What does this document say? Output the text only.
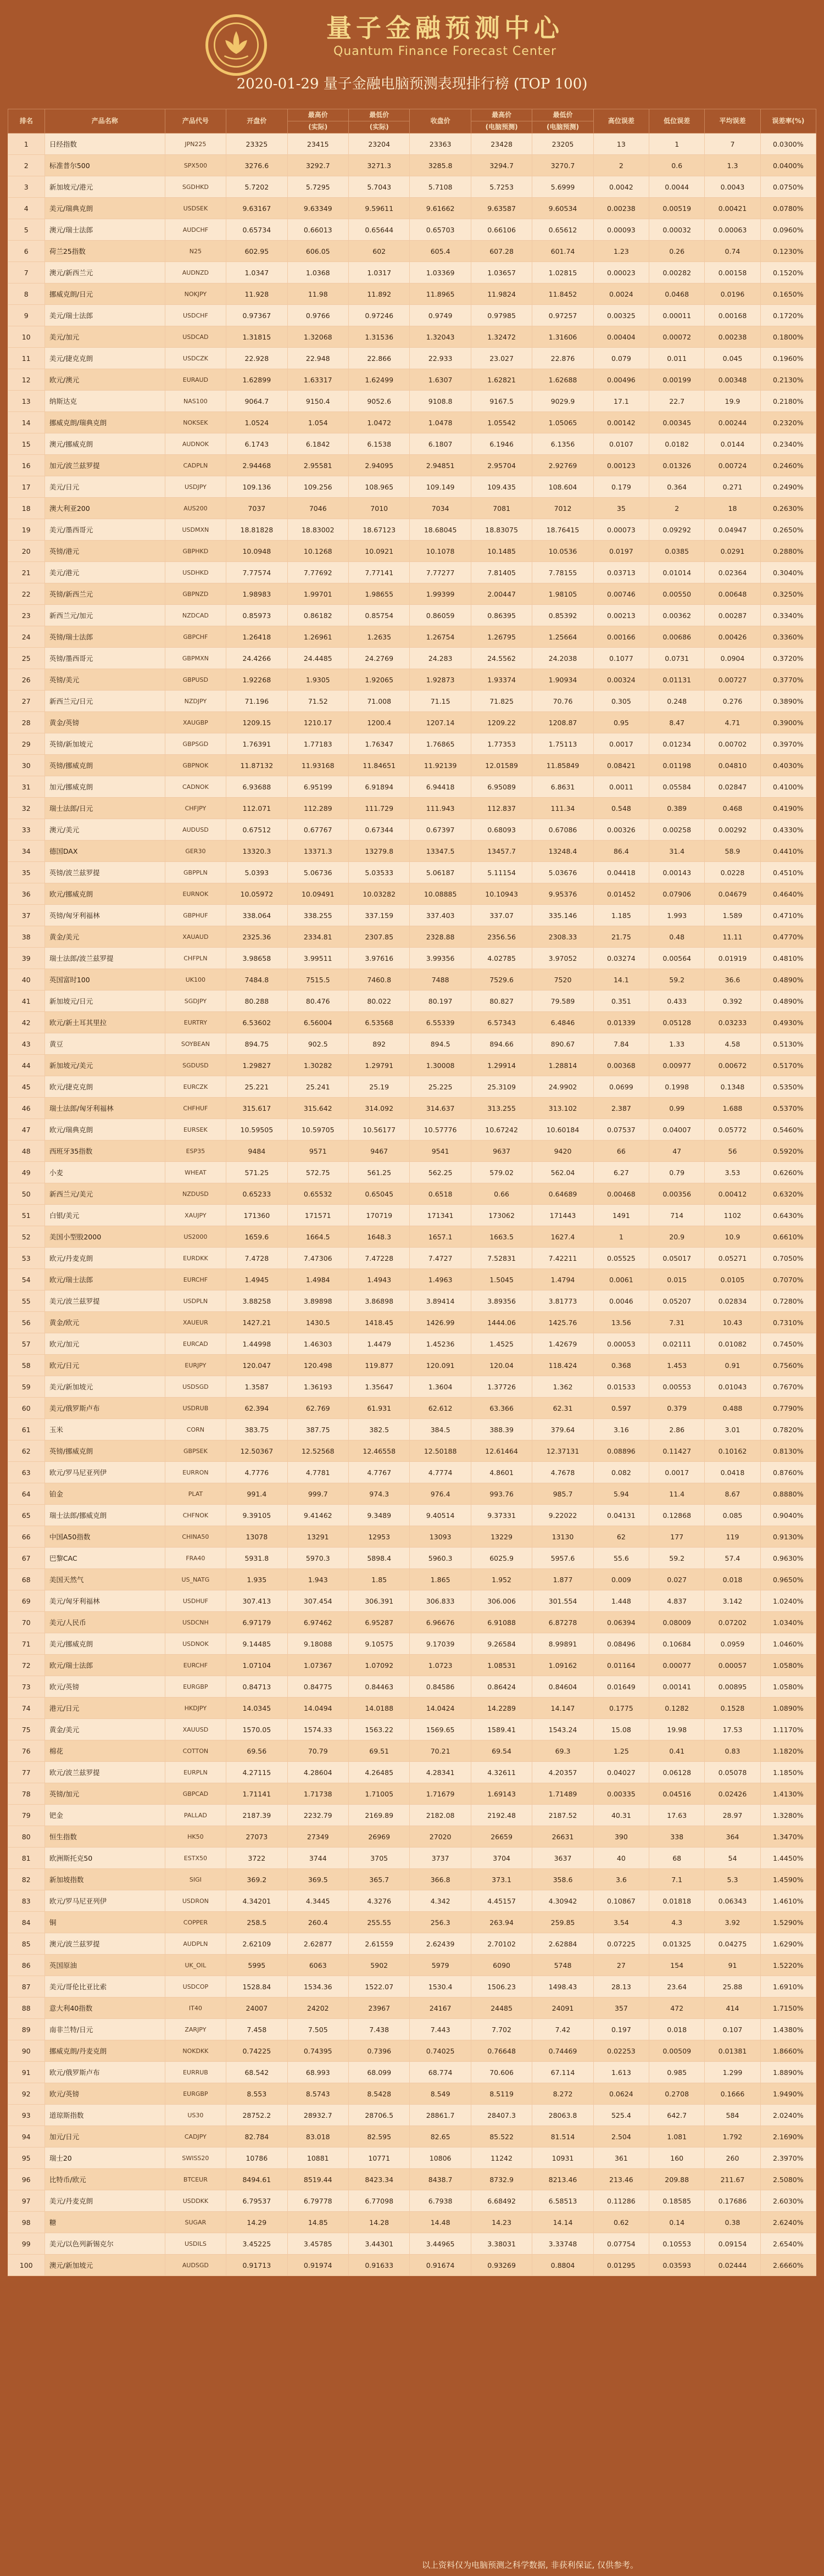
量子金融预测中心
Quantum Finance Forecast Center
2020-01-29 量子金融电脑预测表现排行榜 (TOP 100)
排名	产品名称	产品代号	开盘价	最高价	最低价	收盘价	最高价	最低价	高位误差	低位误差	平均误差	误差率(%)
				(实际)	(实际)		(电脑预测)	(电脑预测)				
1	日经指数	JPN225	23325	23415	23204	23363	23428	23205	13	1	7	0.0300%
2	标准普尔500	SPX500	3276.6	3292.7	3271.3	3285.8	3294.7	3270.7	2	0.6	1.3	0.0400%
3	新加坡元/港元	SGDHKD	5.7202	5.7295	5.7043	5.7108	5.7253	5.6999	0.0042	0.0044	0.0043	0.0750%
4	美元/瑞典克朗	USDSEK	9.63167	9.63349	9.59611	9.61662	9.63587	9.60534	0.00238	0.00519	0.00421	0.0780%
5	澳元/瑞士法郎	AUDCHF	0.65734	0.66013	0.65644	0.65703	0.66106	0.65612	0.00093	0.00032	0.00063	0.0960%
6	荷兰25指数	N25	602.95	606.05	602	605.4	607.28	601.74	1.23	0.26	0.74	0.1230%
7	澳元/新西兰元	AUDNZD	1.0347	1.0368	1.0317	1.03369	1.03657	1.02815	0.00023	0.00282	0.00158	0.1520%
8	挪威克朗/日元	NOKJPY	11.928	11.98	11.892	11.8965	11.9824	11.8452	0.0024	0.0468	0.0196	0.1650%
9	美元/瑞士法郎	USDCHF	0.97367	0.9766	0.97246	0.9749	0.97985	0.97257	0.00325	0.00011	0.00168	0.1720%
10	美元/加元	USDCAD	1.31815	1.32068	1.31536	1.32043	1.32472	1.31606	0.00404	0.00072	0.00238	0.1800%
11	美元/捷克克朗	USDCZK	22.928	22.948	22.866	22.933	23.027	22.876	0.079	0.011	0.045	0.1960%
12	欧元/澳元	EURAUD	1.62899	1.63317	1.62499	1.6307	1.62821	1.62688	0.00496	0.00199	0.00348	0.2130%
13	纳斯达克	NAS100	9064.7	9150.4	9052.6	9108.8	9167.5	9029.9	17.1	22.7	19.9	0.2180%
14	挪威克朗/瑞典克朗	NOKSEK	1.0524	1.054	1.0472	1.0478	1.05542	1.05065	0.00142	0.00345	0.00244	0.2320%
15	澳元/挪威克朗	AUDNOK	6.1743	6.1842	6.1538	6.1807	6.1946	6.1356	0.0107	0.0182	0.0144	0.2340%
16	加元/波兰兹罗提	CADPLN	2.94468	2.95581	2.94095	2.94851	2.95704	2.92769	0.00123	0.01326	0.00724	0.2460%
17	美元/日元	USDJPY	109.136	109.256	108.965	109.149	109.435	108.604	0.179	0.364	0.271	0.2490%
18	澳大利亚200	AUS200	7037	7046	7010	7034	7081	7012	35	2	18	0.2630%
19	美元/墨西哥元	USDMXN	18.81828	18.83002	18.67123	18.68045	18.83075	18.76415	0.00073	0.09292	0.04947	0.2650%
20	英镑/港元	GBPHKD	10.0948	10.1268	10.0921	10.1078	10.1485	10.0536	0.0197	0.0385	0.0291	0.2880%
21	美元/港元	USDHKD	7.77574	7.77692	7.77141	7.77277	7.81405	7.78155	0.03713	0.01014	0.02364	0.3040%
22	英镑/新西兰元	GBPNZD	1.98983	1.99701	1.98655	1.99399	2.00447	1.98105	0.00746	0.00550	0.00648	0.3250%
23	新西兰元/加元	NZDCAD	0.85973	0.86182	0.85754	0.86059	0.86395	0.85392	0.00213	0.00362	0.00287	0.3340%
24	英镑/瑞士法郎	GBPCHF	1.26418	1.26961	1.2635	1.26754	1.26795	1.25664	0.00166	0.00686	0.00426	0.3360%
25	英镑/墨西哥元	GBPMXN	24.4266	24.4485	24.2769	24.283	24.5562	24.2038	0.1077	0.0731	0.0904	0.3720%
26	英镑/美元	GBPUSD	1.92268	1.9305	1.92065	1.92873	1.93374	1.90934	0.00324	0.01131	0.00727	0.3770%
27	新西兰元/日元	NZDJPY	71.196	71.52	71.008	71.15	71.825	70.76	0.305	0.248	0.276	0.3890%
28	黄金/英镑	XAUGBP	1209.15	1210.17	1200.4	1207.14	1209.22	1208.87	0.95	8.47	4.71	0.3900%
29	英镑/新加坡元	GBPSGD	1.76391	1.77183	1.76347	1.76865	1.77353	1.75113	0.0017	0.01234	0.00702	0.3970%
30	英镑/挪威克朗	GBPNOK	11.87132	11.93168	11.84651	11.92139	12.01589	11.85849	0.08421	0.01198	0.04810	0.4030%
31	加元/挪威克朗	CADNOK	6.93688	6.95199	6.91894	6.94418	6.95089	6.8631	0.0011	0.05584	0.02847	0.4100%
32	瑞士法郎/日元	CHFJPY	112.071	112.289	111.729	111.943	112.837	111.34	0.548	0.389	0.468	0.4190%
33	澳元/美元	AUDUSD	0.67512	0.67767	0.67344	0.67397	0.68093	0.67086	0.00326	0.00258	0.00292	0.4330%
34	德国DAX	GER30	13320.3	13371.3	13279.8	13347.5	13457.7	13248.4	86.4	31.4	58.9	0.4410%
35	英镑/波兰兹罗提	GBPPLN	5.0393	5.06736	5.03533	5.06187	5.11154	5.03676	0.04418	0.00143	0.0228	0.4510%
36	欧元/挪威克朗	EURNOK	10.05972	10.09491	10.03282	10.08885	10.10943	9.95376	0.01452	0.07906	0.04679	0.4640%
37	英镑/匈牙利福林	GBPHUF	338.064	338.255	337.159	337.403	337.07	335.146	1.185	1.993	1.589	0.4710%
38	黄金/美元	XAUAUD	2325.36	2334.81	2307.85	2328.88	2356.56	2308.33	21.75	0.48	11.11	0.4770%
39	瑞士法郎/波兰兹罗提	CHFPLN	3.98658	3.99511	3.97616	3.99356	4.02785	3.97052	0.03274	0.00564	0.01919	0.4810%
40	英国富时100	UK100	7484.8	7515.5	7460.8	7488	7529.6	7520	14.1	59.2	36.6	0.4890%
41	新加坡元/日元	SGDJPY	80.288	80.476	80.022	80.197	80.827	79.589	0.351	0.433	0.392	0.4890%
42	欧元/新土耳其里拉	EURTRY	6.53602	6.56004	6.53568	6.55339	6.57343	6.4846	0.01339	0.05128	0.03233	0.4930%
43	黄豆	SOYBEAN	894.75	902.5	892	894.5	894.66	890.67	7.84	1.33	4.58	0.5130%
44	新加坡元/美元	SGDUSD	1.29827	1.30282	1.29791	1.30008	1.29914	1.28814	0.00368	0.00977	0.00672	0.5170%
45	欧元/捷克克朗	EURCZK	25.221	25.241	25.19	25.225	25.3109	24.9902	0.0699	0.1998	0.1348	0.5350%
46	瑞士法郎/匈牙利福林	CHFHUF	315.617	315.642	314.092	314.637	313.255	313.102	2.387	0.99	1.688	0.5370%
47	欧元/瑞典克朗	EURSEK	10.59505	10.59705	10.56177	10.57776	10.67242	10.60184	0.07537	0.04007	0.05772	0.5460%
48	西班牙35指数	ESP35	9484	9571	9467	9541	9637	9420	66	47	56	0.5920%
49	小麦	WHEAT	571.25	572.75	561.25	562.25	579.02	562.04	6.27	0.79	3.53	0.6260%
50	新西兰元/美元	NZDUSD	0.65233	0.65532	0.65045	0.6518	0.66	0.64689	0.00468	0.00356	0.00412	0.6320%
51	白银/美元	XAUJPY	171360	171571	170719	171341	173062	171443	1491	714	1102	0.6430%
52	美国小型股2000	US2000	1659.6	1664.5	1648.3	1657.1	1663.5	1627.4	1	20.9	10.9	0.6610%
53	欧元/丹麦克朗	EURDKK	7.4728	7.47306	7.47228	7.4727	7.52831	7.42211	0.05525	0.05017	0.05271	0.7050%
54	欧元/瑞士法郎	EURCHF	1.4945	1.4984	1.4943	1.4963	1.5045	1.4794	0.0061	0.015	0.0105	0.7070%
55	美元/波兰兹罗提	USDPLN	3.88258	3.89898	3.86898	3.89414	3.89356	3.81773	0.0046	0.05207	0.02834	0.7280%
56	黄金/欧元	XAUEUR	1427.21	1430.5	1418.45	1426.99	1444.06	1425.76	13.56	7.31	10.43	0.7310%
57	欧元/加元	EURCAD	1.44998	1.46303	1.4479	1.45236	1.4525	1.42679	0.00053	0.02111	0.01082	0.7450%
58	欧元/日元	EURJPY	120.047	120.498	119.877	120.091	120.04	118.424	0.368	1.453	0.91	0.7560%
59	美元/新加坡元	USDSGD	1.3587	1.36193	1.35647	1.3604	1.37726	1.362	0.01533	0.00553	0.01043	0.7670%
60	美元/俄罗斯卢布	USDRUB	62.394	62.769	61.931	62.612	63.366	62.31	0.597	0.379	0.488	0.7790%
61	玉米	CORN	383.75	387.75	382.5	384.5	388.39	379.64	3.16	2.86	3.01	0.7820%
62	英镑/挪威克朗	GBPSEK	12.50367	12.52568	12.46558	12.50188	12.61464	12.37131	0.08896	0.11427	0.10162	0.8130%
63	欧元/罗马尼亚列伊	EURRON	4.7776	4.7781	4.7767	4.7774	4.8601	4.7678	0.082	0.0017	0.0418	0.8760%
64	铂金	PLAT	991.4	999.7	974.3	976.4	993.76	985.7	5.94	11.4	8.67	0.8880%
65	瑞士法郎/挪威克朗	CHFNOK	9.39105	9.41462	9.3489	9.40514	9.37331	9.22022	0.04131	0.12868	0.085	0.9040%
66	中国A50指数	CHINA50	13078	13291	12953	13093	13229	13130	62	177	119	0.9130%
67	巴黎CAC	FRA40	5931.8	5970.3	5898.4	5960.3	6025.9	5957.6	55.6	59.2	57.4	0.9630%
68	美国天然气	US_NATG	1.935	1.943	1.85	1.865	1.952	1.877	0.009	0.027	0.018	0.9650%
69	美元/匈牙利福林	USDHUF	307.413	307.454	306.391	306.833	306.006	301.554	1.448	4.837	3.142	1.0240%
70	美元/人民币	USDCNH	6.97179	6.97462	6.95287	6.96676	6.91088	6.87278	0.06394	0.08009	0.07202	1.0340%
71	美元/挪威克朗	USDNOK	9.14485	9.18088	9.10575	9.17039	9.26584	8.99891	0.08496	0.10684	0.0959	1.0460%
72	欧元/瑞士法郎	EURCHF	1.07104	1.07367	1.07092	1.0723	1.08531	1.09162	0.01164	0.00077	0.00057	1.0580%
73	欧元/英镑	EURGBP	0.84713	0.84775	0.84463	0.84586	0.86424	0.84604	0.01649	0.00141	0.00895	1.0580%
74	港元/日元	HKDJPY	14.0345	14.0494	14.0188	14.0424	14.2289	14.147	0.1775	0.1282	0.1528	1.0890%
75	黄金/美元	XAUUSD	1570.05	1574.33	1563.22	1569.65	1589.41	1543.24	15.08	19.98	17.53	1.1170%
76	棉花	COTTON	69.56	70.79	69.51	70.21	69.54	69.3	1.25	0.41	0.83	1.1820%
77	欧元/波兰兹罗提	EURPLN	4.27115	4.28604	4.26485	4.28341	4.32611	4.20357	0.04027	0.06128	0.05078	1.1850%
78	英镑/加元	GBPCAD	1.71141	1.71738	1.71005	1.71679	1.69143	1.71489	0.00335	0.04516	0.02426	1.4130%
79	钯金	PALLAD	2187.39	2232.79	2169.89	2182.08	2192.48	2187.52	40.31	17.63	28.97	1.3280%
80	恒生指数	HK50	27073	27349	26969	27020	26659	26631	390	338	364	1.3470%
81	欧洲斯托克50	ESTX50	3722	3744	3705	3737	3704	3637	40	68	54	1.4450%
82	新加坡指数	SIGI	369.2	369.5	365.7	366.8	373.1	358.6	3.6	7.1	5.3	1.4590%
83	欧元/罗马尼亚列伊	USDRON	4.34201	4.3445	4.3276	4.342	4.45157	4.30942	0.10867	0.01818	0.06343	1.4610%
84	铜	COPPER	258.5	260.4	255.55	256.3	263.94	259.85	3.54	4.3	3.92	1.5290%
85	澳元/波兰兹罗提	AUDPLN	2.62109	2.62877	2.61559	2.62439	2.70102	2.62884	0.07225	0.01325	0.04275	1.6290%
86	英国原油	UK_OIL	5995	6063	5902	5979	6090	5748	27	154	91	1.5220%
87	美元/哥伦比亚比索	USDCOP	1528.84	1534.36	1522.07	1530.4	1506.23	1498.43	28.13	23.64	25.88	1.6910%
88	意大利40指数	IT40	24007	24202	23967	24167	24485	24091	357	472	414	1.7150%
89	南非兰特/日元	ZARJPY	7.458	7.505	7.438	7.443	7.702	7.42	0.197	0.018	0.107	1.4380%
90	挪威克朗/丹麦克朗	NOKDKK	0.74225	0.74395	0.7396	0.74025	0.76648	0.74469	0.02253	0.00509	0.01381	1.8660%
91	欧元/俄罗斯卢布	EURRUB	68.542	68.993	68.099	68.774	70.606	67.114	1.613	0.985	1.299	1.8890%
92	欧元/英镑	EURGBP	8.553	8.5743	8.5428	8.549	8.5119	8.272	0.0624	0.2708	0.1666	1.9490%
93	道琼斯指数	US30	28752.2	28932.7	28706.5	28861.7	28407.3	28063.8	525.4	642.7	584	2.0240%
94	加元/日元	CADJPY	82.784	83.018	82.595	82.65	85.522	81.514	2.504	1.081	1.792	2.1690%
95	瑞士20	SWISS20	10786	10881	10771	10806	11242	10931	361	160	260	2.3970%
96	比特币/欧元	BTCEUR	8494.61	8519.44	8423.34	8438.7	8732.9	8213.46	213.46	209.88	211.67	2.5080%
97	美元/丹麦克朗	USDDKK	6.79537	6.79778	6.77098	6.7938	6.68492	6.58513	0.11286	0.18585	0.17686	2.6030%
98	糖	SUGAR	14.29	14.85	14.28	14.48	14.23	14.14	0.62	0.14	0.38	2.6240%
99	美元/以色列新锡克尔	USDILS	3.45225	3.45785	3.44301	3.44965	3.38031	3.33748	0.07754	0.10553	0.09154	2.6540%
100	澳元/新加坡元	AUDSGD	0.91713	0.91974	0.91633	0.91674	0.93269	0.8804	0.01295	0.03593	0.02444	2.6660%
以上资料仅为电脑预测之科学数据, 非获利保证, 仅供参考。
